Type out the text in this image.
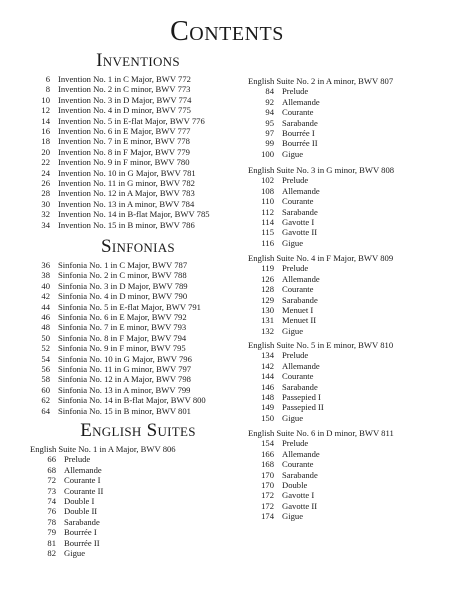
Contents
Inventions
6 Invention No. 1 in C Major, BWV 772
8 Invention No. 2 in C minor, BWV 773
10 Invention No. 3 in D Major, BWV 774
12 Invention No. 4 in D minor, BWV 775
14 Invention No. 5 in E-flat Major, BWV 776
16 Invention No. 6 in E Major, BWV 777
18 Invention No. 7 in E minor, BWV 778
20 Invention No. 8 in F Major, BWV 779
22 Invention No. 9 in F minor, BWV 780
24 Invention No. 10 in G Major, BWV 781
26 Invention No. 11 in G minor, BWV 782
28 Invention No. 12 in A Major, BWV 783
30 Invention No. 13 in A minor, BWV 784
32 Invention No. 14 in B-flat Major, BWV 785
34 Invention No. 15 in B minor, BWV 786
Sinfonias
36 Sinfonia No. 1 in C Major, BWV 787
38 Sinfonia No. 2 in C minor, BWV 788
40 Sinfonia No. 3 in D Major, BWV 789
42 Sinfonia No. 4 in D minor, BWV 790
44 Sinfonia No. 5 in E-flat Major, BWV 791
46 Sinfonia No. 6 in E Major, BWV 792
48 Sinfonia No. 7 in E minor, BWV 793
50 Sinfonia No. 8 in F Major, BWV 794
52 Sinfonia No. 9 in F minor, BWV 795
54 Sinfonia No. 10 in G Major, BWV 796
56 Sinfonia No. 11 in G minor, BWV 797
58 Sinfonia No. 12 in A Major, BWV 798
60 Sinfonia No. 13 in A minor, BWV 799
62 Sinfonia No. 14 in B-flat Major, BWV 800
64 Sinfonia No. 15 in B minor, BWV 801
English Suites
English Suite No. 1 in A Major, BWV 806
66 Prelude
68 Allemande
72 Courante I
73 Courante II
74 Double I
76 Double II
78 Sarabande
79 Bourrée I
81 Bourrée II
82 Gigue
English Suite No. 2 in A minor, BWV 807
84 Prelude
92 Allemande
94 Courante
95 Sarabande
97 Bourrée I
99 Bourrée II
100 Gigue
English Suite No. 3 in G minor, BWV 808
102 Prelude
108 Allemande
110 Courante
112 Sarabande
114 Gavotte I
115 Gavotte II
116 Gigue
English Suite No. 4 in F Major, BWV 809
119 Prelude
126 Allemande
128 Courante
129 Sarabande
130 Menuet I
131 Menuet II
132 Gigue
English Suite No. 5 in E minor, BWV 810
134 Prelude
142 Allemande
144 Courante
146 Sarabande
148 Passepied I
149 Passepied II
150 Gigue
English Suite No. 6 in D minor, BWV 811
154 Prelude
166 Allemande
168 Courante
170 Sarabande
170 Double
172 Gavotte I
172 Gavotte II
174 Gigue
